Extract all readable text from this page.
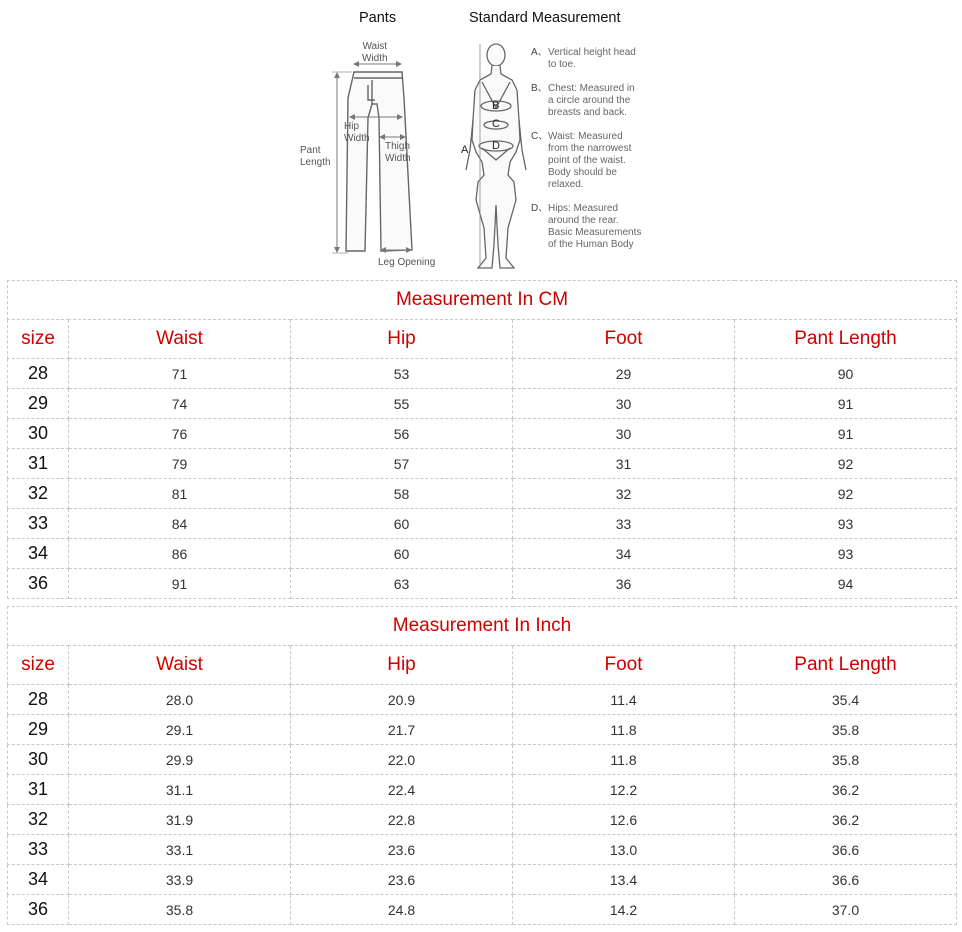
Pants	Standard Measurement
Waist
Width
Hip
Width
Pant
Length
Thigh
Width
Leg Opening
A
B
C
D
A、 Vertical height head
to toe.
B、 Chest: Measured in
a circle around the
breasts and back.
C、 Waist: Measured
from the narrowest
point of the waist.
Body should be
relaxed.
D、 Hips: Measured
around the rear.
Basic Measurements
of the Human Body
Measurement In CM				
size	Waist	Hip	Foot	Pant Length
28	71	53	29	90
29	74	55	30	91
30	76	56	30	91
31	79	57	31	92
32	81	58	32	92
33	84	60	33	93
34	86	60	34	93
36	91	63	36	94
Measurement In Inch				
size	Waist	Hip	Foot	Pant Length
28	28.0	20.9	11.4	35.4
29	29.1	21.7	11.8	35.8
30	29.9	22.0	11.8	35.8
31	31.1	22.4	12.2	36.2
32	31.9	22.8	12.6	36.2
33	33.1	23.6	13.0	36.6
34	33.9	23.6	13.4	36.6
36	35.8	24.8	14.2	37.0
